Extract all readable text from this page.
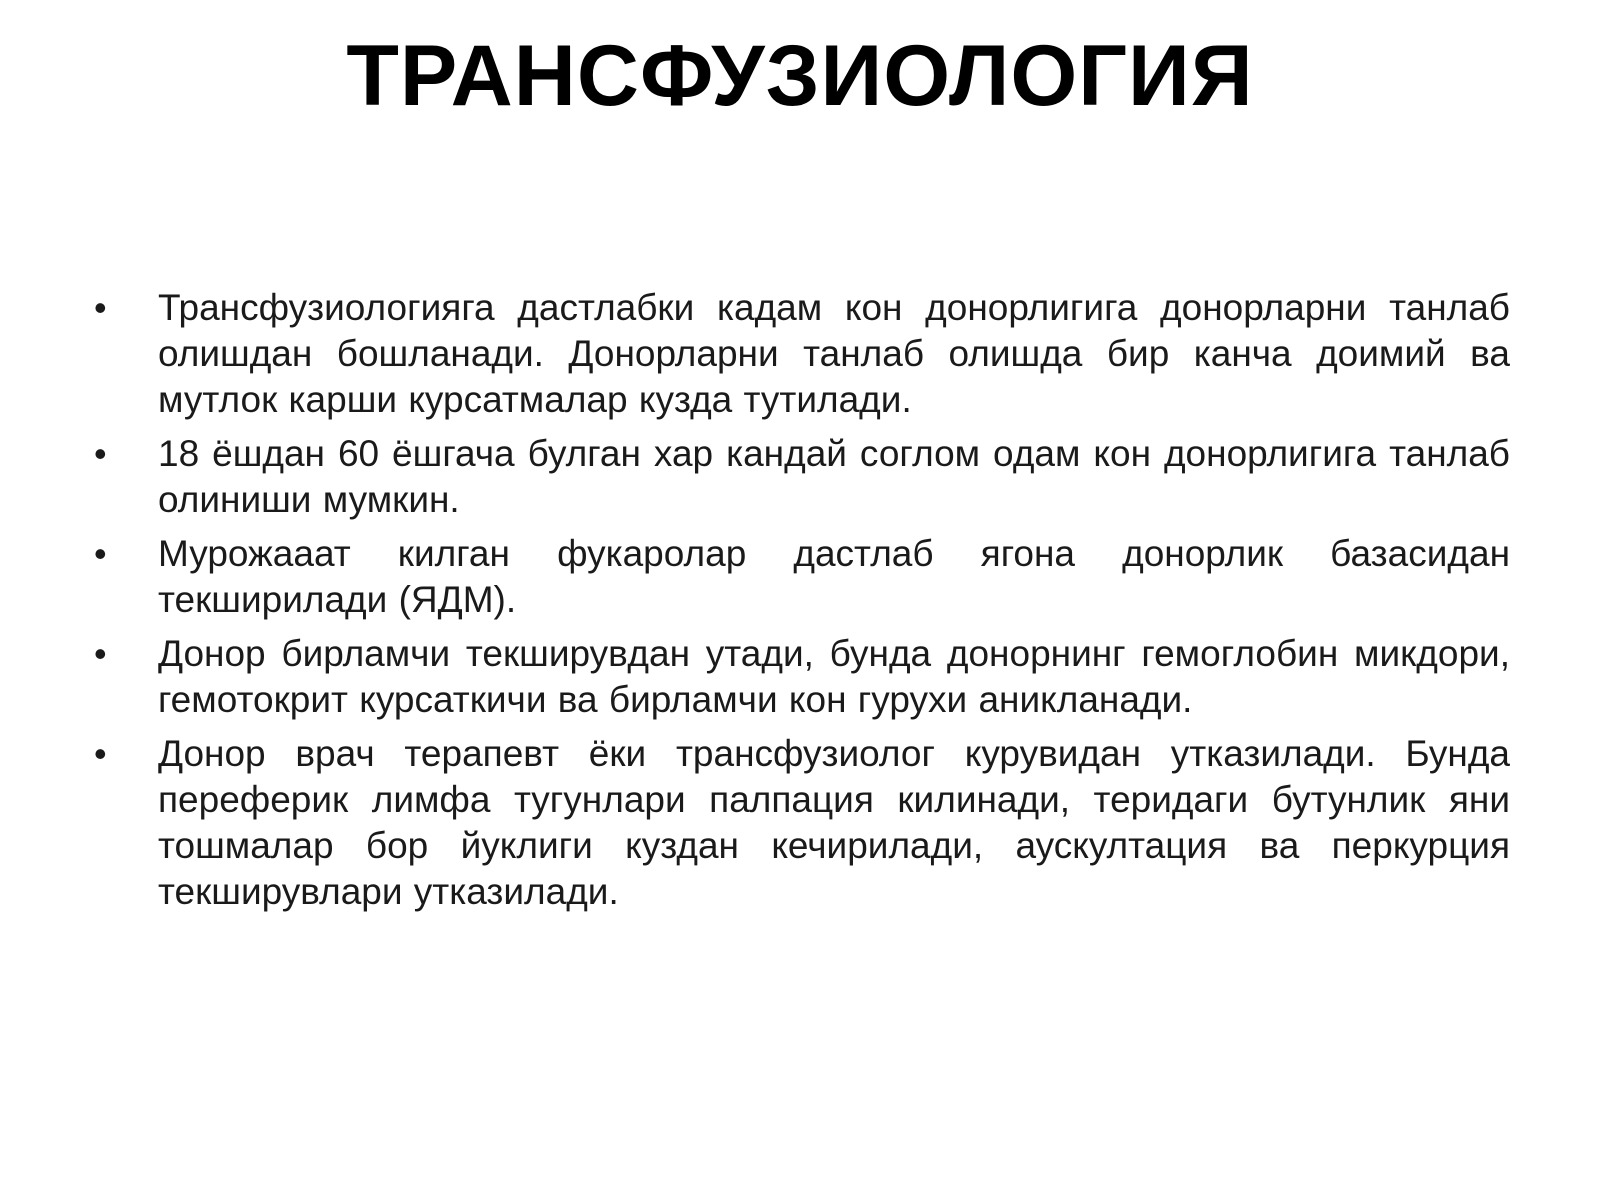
ТРАНСФУЗИОЛОГИЯ
•	Трансфузиологияга дастлабки кадам кон донорлигига донорларни танлаб олишдан бошланади. Донорларни танлаб олишда бир канча доимий ва мутлок карши курсатмалар кузда тутилади.
•	18 ёшдан 60 ёшгача булган хар кандай соглом одам кон донорлигига танлаб олиниши мумкин.
•	Мурожааат килган фукаролар дастлаб ягона донорлик базасидан текширилади (ЯДМ).
•	Донор бирламчи текширувдан утади, бунда донорнинг гемоглобин микдори, гемотокрит курсаткичи ва бирламчи кон гурухи аникланади.
•	Донор врач терапевт ёки трансфузиолог курувидан утказилади. Бунда переферик лимфа тугунлари палпация килинади, теридаги бутунлик яни тошмалар бор йуклиги куздан кечирилади, аускултация ва перкурция  текширувлари утказилади.
